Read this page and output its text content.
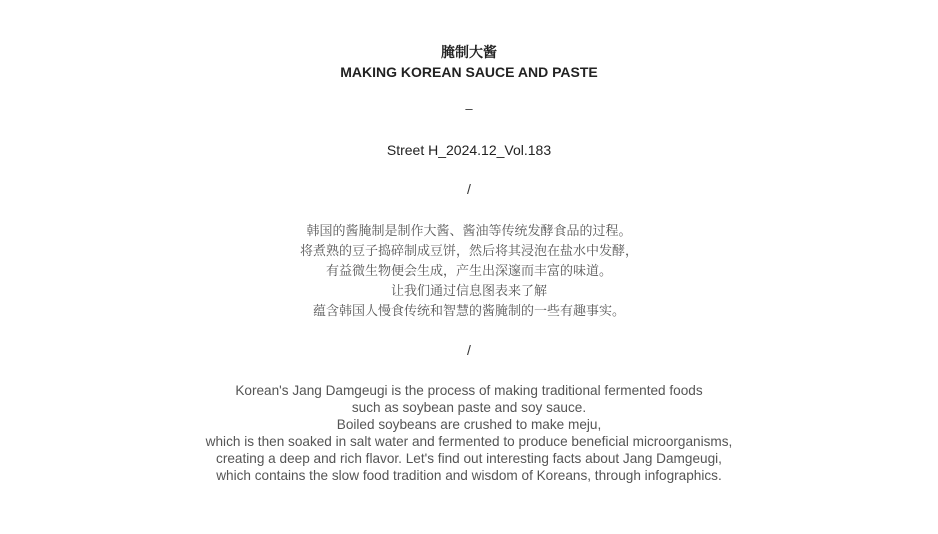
腌制大酱
MAKING KOREAN SAUCE AND PASTE
–
Street H_2024.12_Vol.183
/
韩国的酱腌制是制作大酱、酱油等传统发酵食品的过程。
将煮熟的豆子捣碎制成豆饼，然后将其浸泡在盐水中发酵，
有益微生物便会生成，产生出深邃而丰富的味道。
让我们通过信息图表来了解
蕴含韩国人慢食传统和智慧的酱腌制的一些有趣事实。
/
Korean's Jang Damgeugi is the process of making traditional fermented foods
such as soybean paste and soy sauce.
Boiled soybeans are crushed to make meju,
which is then soaked in salt water and fermented to produce beneficial microorganisms,
creating a deep and rich flavor. Let's find out interesting facts about Jang Damgeugi,
which contains the slow food tradition and wisdom of Koreans, through infographics.
